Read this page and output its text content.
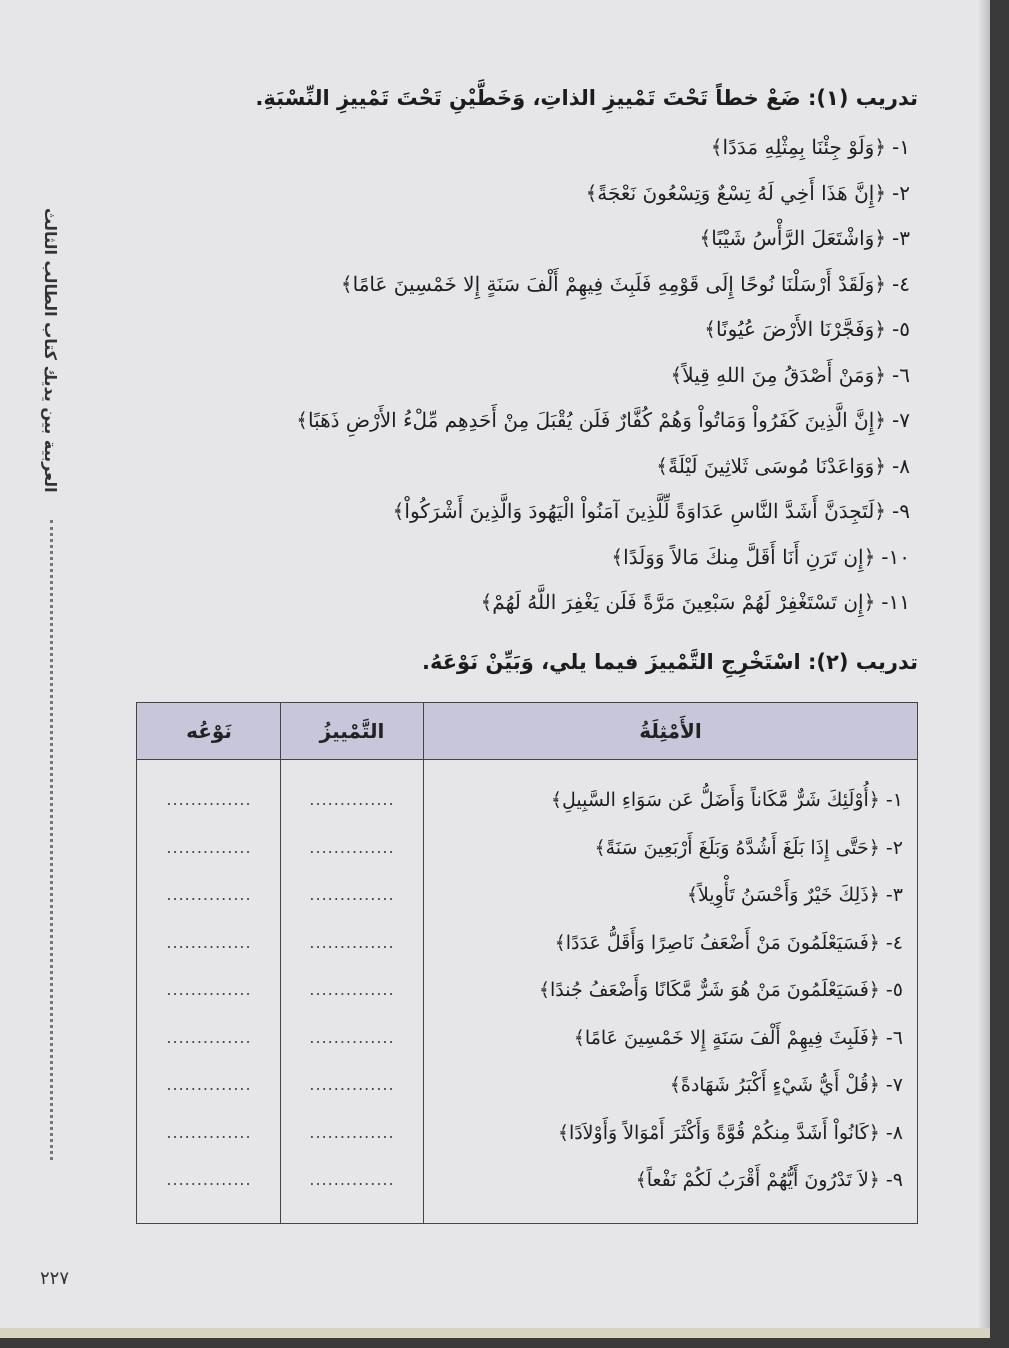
العربية بين يديك كتاب الطالب الثالث
٢٢٧
تدريب (١): ضَعْ خطاً تَحْتَ تَمْييزِ الذاتِ، وَخَطَّيْنِ تَحْتَ تَمْييزِ النِّسْبَةِ.
١-﴿وَلَوْ جِئْنَا بِمِثْلِهِ مَدَدًا﴾
٢-﴿إِنَّ هَذَا أَخِي لَهُ تِسْعٌ وَتِسْعُونَ نَعْجَةً﴾
٣-﴿وَاشْتَعَلَ الرَّأْسُ شَيْبًا﴾
٤-﴿وَلَقَدْ أَرْسَلْنَا نُوحًا إِلَى قَوْمِهِ فَلَبِثَ فِيهِمْ أَلْفَ سَنَةٍ إِلا خَمْسِينَ عَامًا﴾
٥-﴿وَفَجَّرْنَا الأَرْضَ عُيُونًا﴾
٦-﴿وَمَنْ أَصْدَقُ مِنَ اللهِ قِيلاً﴾
٧-﴿إِنَّ الَّذِينَ كَفَرُواْ وَمَاتُواْ وَهُمْ كُفَّارٌ فَلَن يُقْبَلَ مِنْ أَحَدِهِم مِّلْءُ الأَرْضِ ذَهَبًا﴾
٨-﴿وَوَاعَدْنَا مُوسَى ثَلاثِينَ لَيْلَةً﴾
٩-﴿لَتَجِدَنَّ أَشَدَّ النَّاسِ عَدَاوَةً لِّلَّذِينَ آمَنُواْ الْيَهُودَ وَالَّذِينَ أَشْرَكُواْ﴾
١٠-﴿إِن تَرَنِ أَنَا أَقَلَّ مِنكَ مَالاً وَوَلَدًا﴾
١١-﴿إِن تَسْتَغْفِرْ لَهُمْ سَبْعِينَ مَرَّةً فَلَن يَغْفِرَ اللَّهُ لَهُمْ﴾
تدريب (٢): اسْتَخْرِجِ التَّمْييزَ فيما يلي، وَبَيِّنْ نَوْعَهُ.
الأَمْثِلَةُ
التَّمْييزُ
نَوْعُه
١-﴿أُوْلَئِكَ شَرٌّ مَّكَاناً وَأَضَلُّ عَن سَوَاءِ السَّبِيلِ﴾
٢-﴿حَتَّى إِذَا بَلَغَ أَشُدَّهُ وَبَلَغَ أَرْبَعِينَ سَنَةً﴾
٣-﴿ذَلِكَ خَيْرٌ وَأَحْسَنُ تَأْوِيلاً﴾
٤-﴿فَسَيَعْلَمُونَ مَنْ أَضْعَفُ نَاصِرًا وَأَقَلُّ عَدَدًا﴾
٥-﴿فَسَيَعْلَمُونَ مَنْ هُوَ شَرٌّ مَّكَانًا وَأَضْعَفُ جُندًا﴾
٦-﴿فَلَبِثَ فِيهِمْ أَلْفَ سَنَةٍ إِلا خَمْسِينَ عَامًا﴾
٧-﴿قُلْ أَيُّ شَيْءٍ أَكْبَرُ شَهَادةً﴾
٨-﴿كَانُواْ أَشَدَّ مِنكُمْ قُوَّةً وَأَكْثَرَ أَمْوَالاً وَأَوْلاَدًا﴾
٩-﴿لاَ تَدْرُونَ أَيُّهُمْ أَقْرَبُ لَكُمْ نَفْعاً﴾
..............
..............
..............
..............
..............
..............
..............
..............
..............
..............
..............
..............
..............
..............
..............
..............
..............
..............
